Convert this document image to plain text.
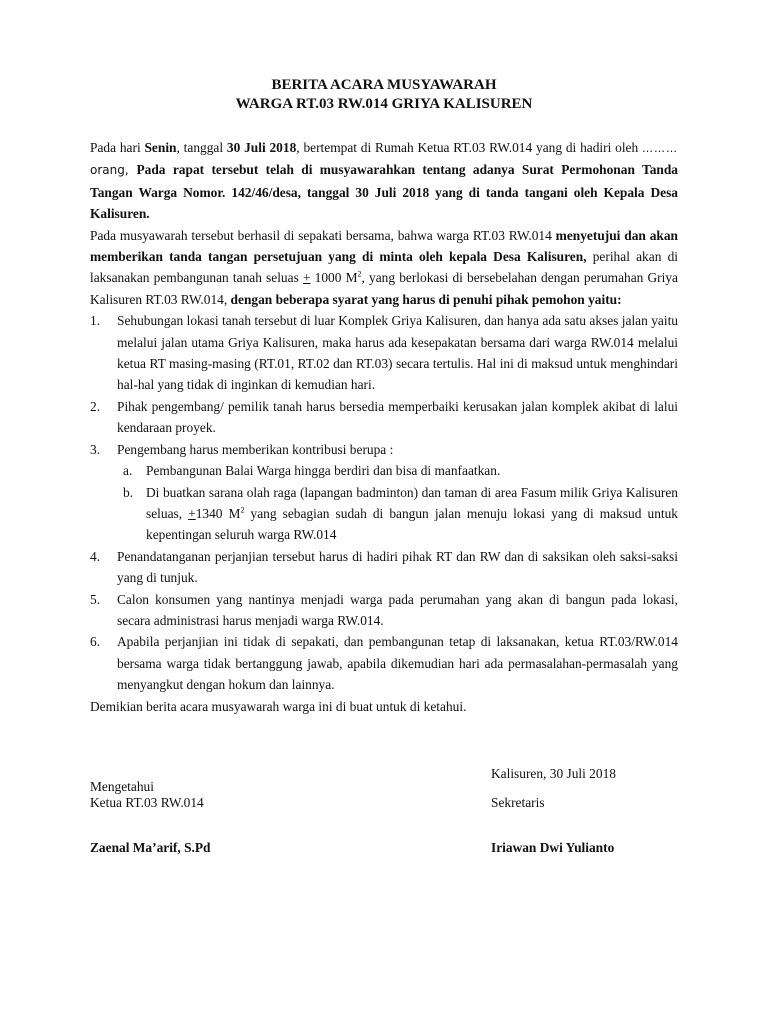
BERITA ACARA MUSYAWARAH
WARGA RT.03 RW.014 GRIYA KALISUREN

Pada hari Senin, tanggal 30 Juli 2018, bertempat di Rumah Ketua RT.03 RW.014 yang di hadiri oleh ……… orang, Pada rapat tersebut telah di musyawarahkan tentang adanya Surat Permohonan Tanda Tangan Warga Nomor. 142/46/desa, tanggal 30 Juli 2018 yang di tanda tangani oleh Kepala Desa Kalisuren.

Pada musyawarah tersebut berhasil di sepakati bersama, bahwa warga RT.03 RW.014 menyetujui dan akan memberikan tanda tangan persetujuan yang di minta oleh kepala Desa Kalisuren, perihal akan di laksanakan pembangunan tanah seluas + 1000 $M^2$, yang berlokasi di bersebelahan dengan perumahan Griya Kalisuren RT.03 RW.014, dengan beberapa syarat yang harus di penuhi pihak pemohon yaitu:

1. Sehubungan lokasi tanah tersebut di luar Komplek Griya Kalisuren, dan hanya ada satu akses jalan yaitu melalui jalan utama Griya Kalisuren, maka harus ada kesepakatan bersama dari warga RW.014 melalui ketua RT masing-masing (RT.01, RT.02 dan RT.03) secara tertulis. Hal ini di maksud untuk menghindari hal-hal yang tidak di inginkan di kemudian hari.
2. Pihak pengembang/ pemilik tanah harus bersedia memperbaiki kerusakan jalan komplek akibat di lalui kendaraan proyek.
3. Pengembang harus memberikan kontribusi berupa :
a. Pembangunan Balai Warga hingga berdiri dan bisa di manfaatkan.
b. Di buatkan sarana olah raga (lapangan badminton) dan taman di area Fasum milik Griya Kalisuren seluas, +1340 $M^2$ yang sebagian sudah di bangun jalan menuju lokasi yang di maksud untuk kepentingan seluruh warga RW.014
4. Penandatanganan perjanjian tersebut harus di hadiri pihak RT dan RW dan di saksikan oleh saksi-saksi yang di tunjuk.
5. Calon konsumen yang nantinya menjadi warga pada perumahan yang akan di bangun pada lokasi, secara administrasi harus menjadi warga RW.014.
6. Apabila perjanjian ini tidak di sepakati, dan pembangunan tetap di laksanakan, ketua RT.03/RW.014 bersama warga tidak bertanggung jawab, apabila dikemudian hari ada permasalahan-permasalah yang menyangkut dengan hokum dan lainnya.

Demikian berita acara musyawarah warga ini di buat untuk di ketahui.

Kalisuren, 30 Juli 2018
Mengetahui
Ketua RT.03 RW.014	Sekretaris
Zaenal Ma’arif, S.Pd	Iriawan Dwi Yulianto
